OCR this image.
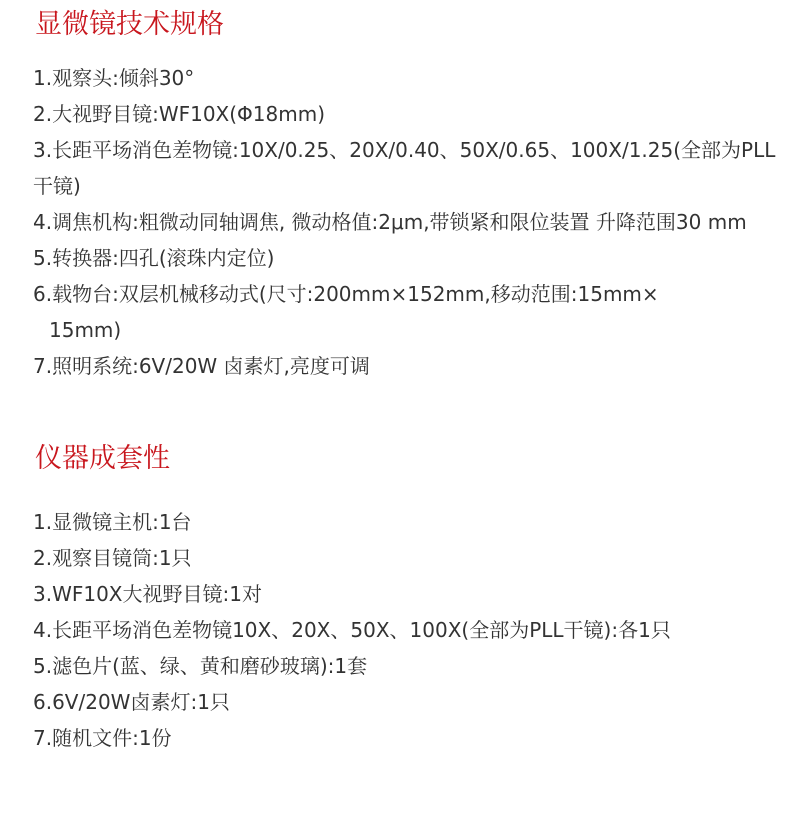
显微镜技术规格
1.观察头:倾斜30°
2.大视野目镜:WF10X(Φ18mm)
3.长距平场消色差物镜:10X/0.25、20X/0.40、50X/0.65、100X/1.25(全部为PLL干镜)
4.调焦机构:粗微动同轴调焦, 微动格值:2μm,带锁紧和限位装置 升降范围30 mm
5.转换器:四孔(滚珠内定位)
6.载物台:双层机械移动式(尺寸:200mm×152mm,移动范围:15mm×
15mm)
7.照明系统:6V/20W 卤素灯,亮度可调
仪器成套性
1.显微镜主机:1台
2.观察目镜筒:1只
3.WF10X大视野目镜:1对
4.长距平场消色差物镜10X、20X、50X、100X(全部为PLL干镜):各1只
5.滤色片(蓝、绿、黄和磨砂玻璃):1套
6.6V/20W卤素灯:1只
7.随机文件:1份
